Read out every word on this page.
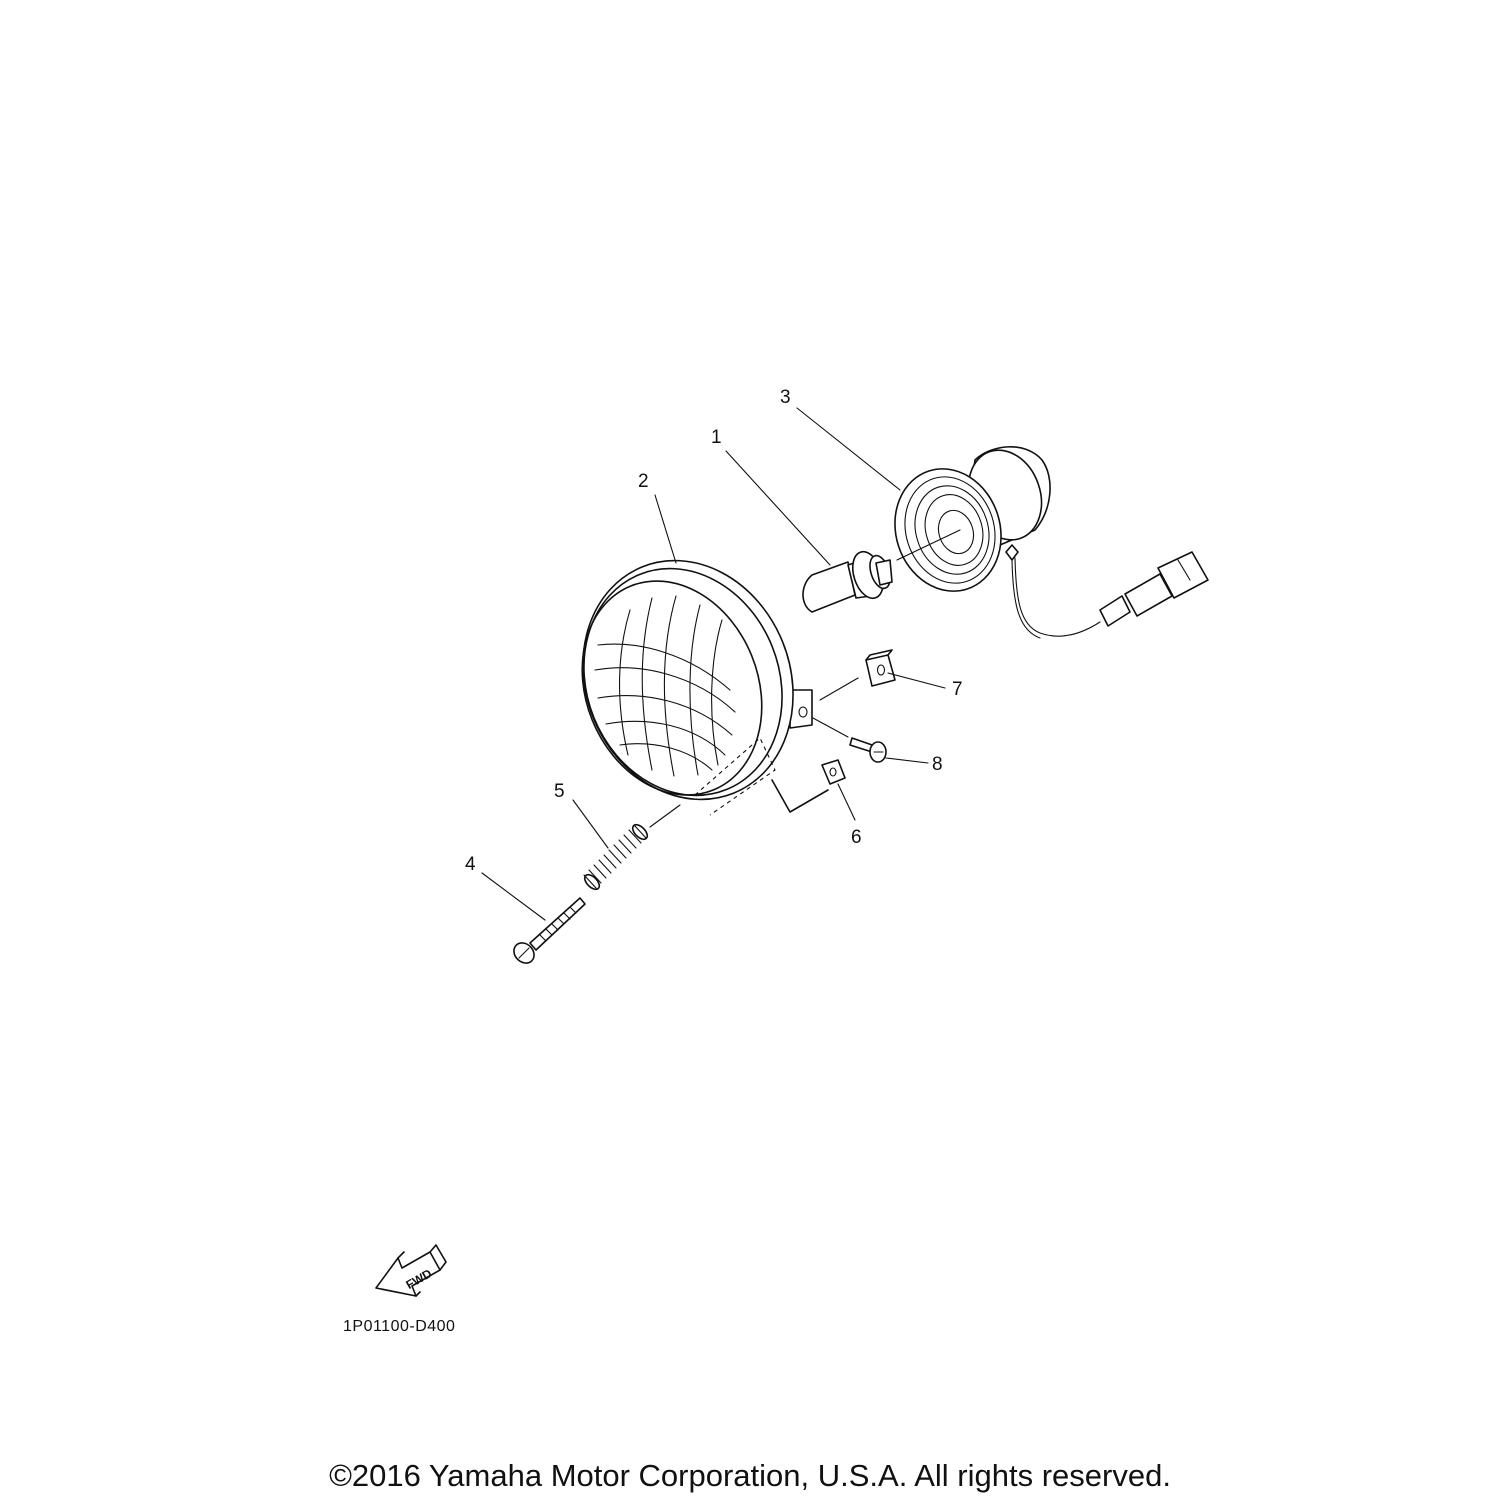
1
2
3
4
5
6
7
8
FWD
1P01100-D400
©2016 Yamaha Motor Corporation, U.S.A. All rights reserved.
